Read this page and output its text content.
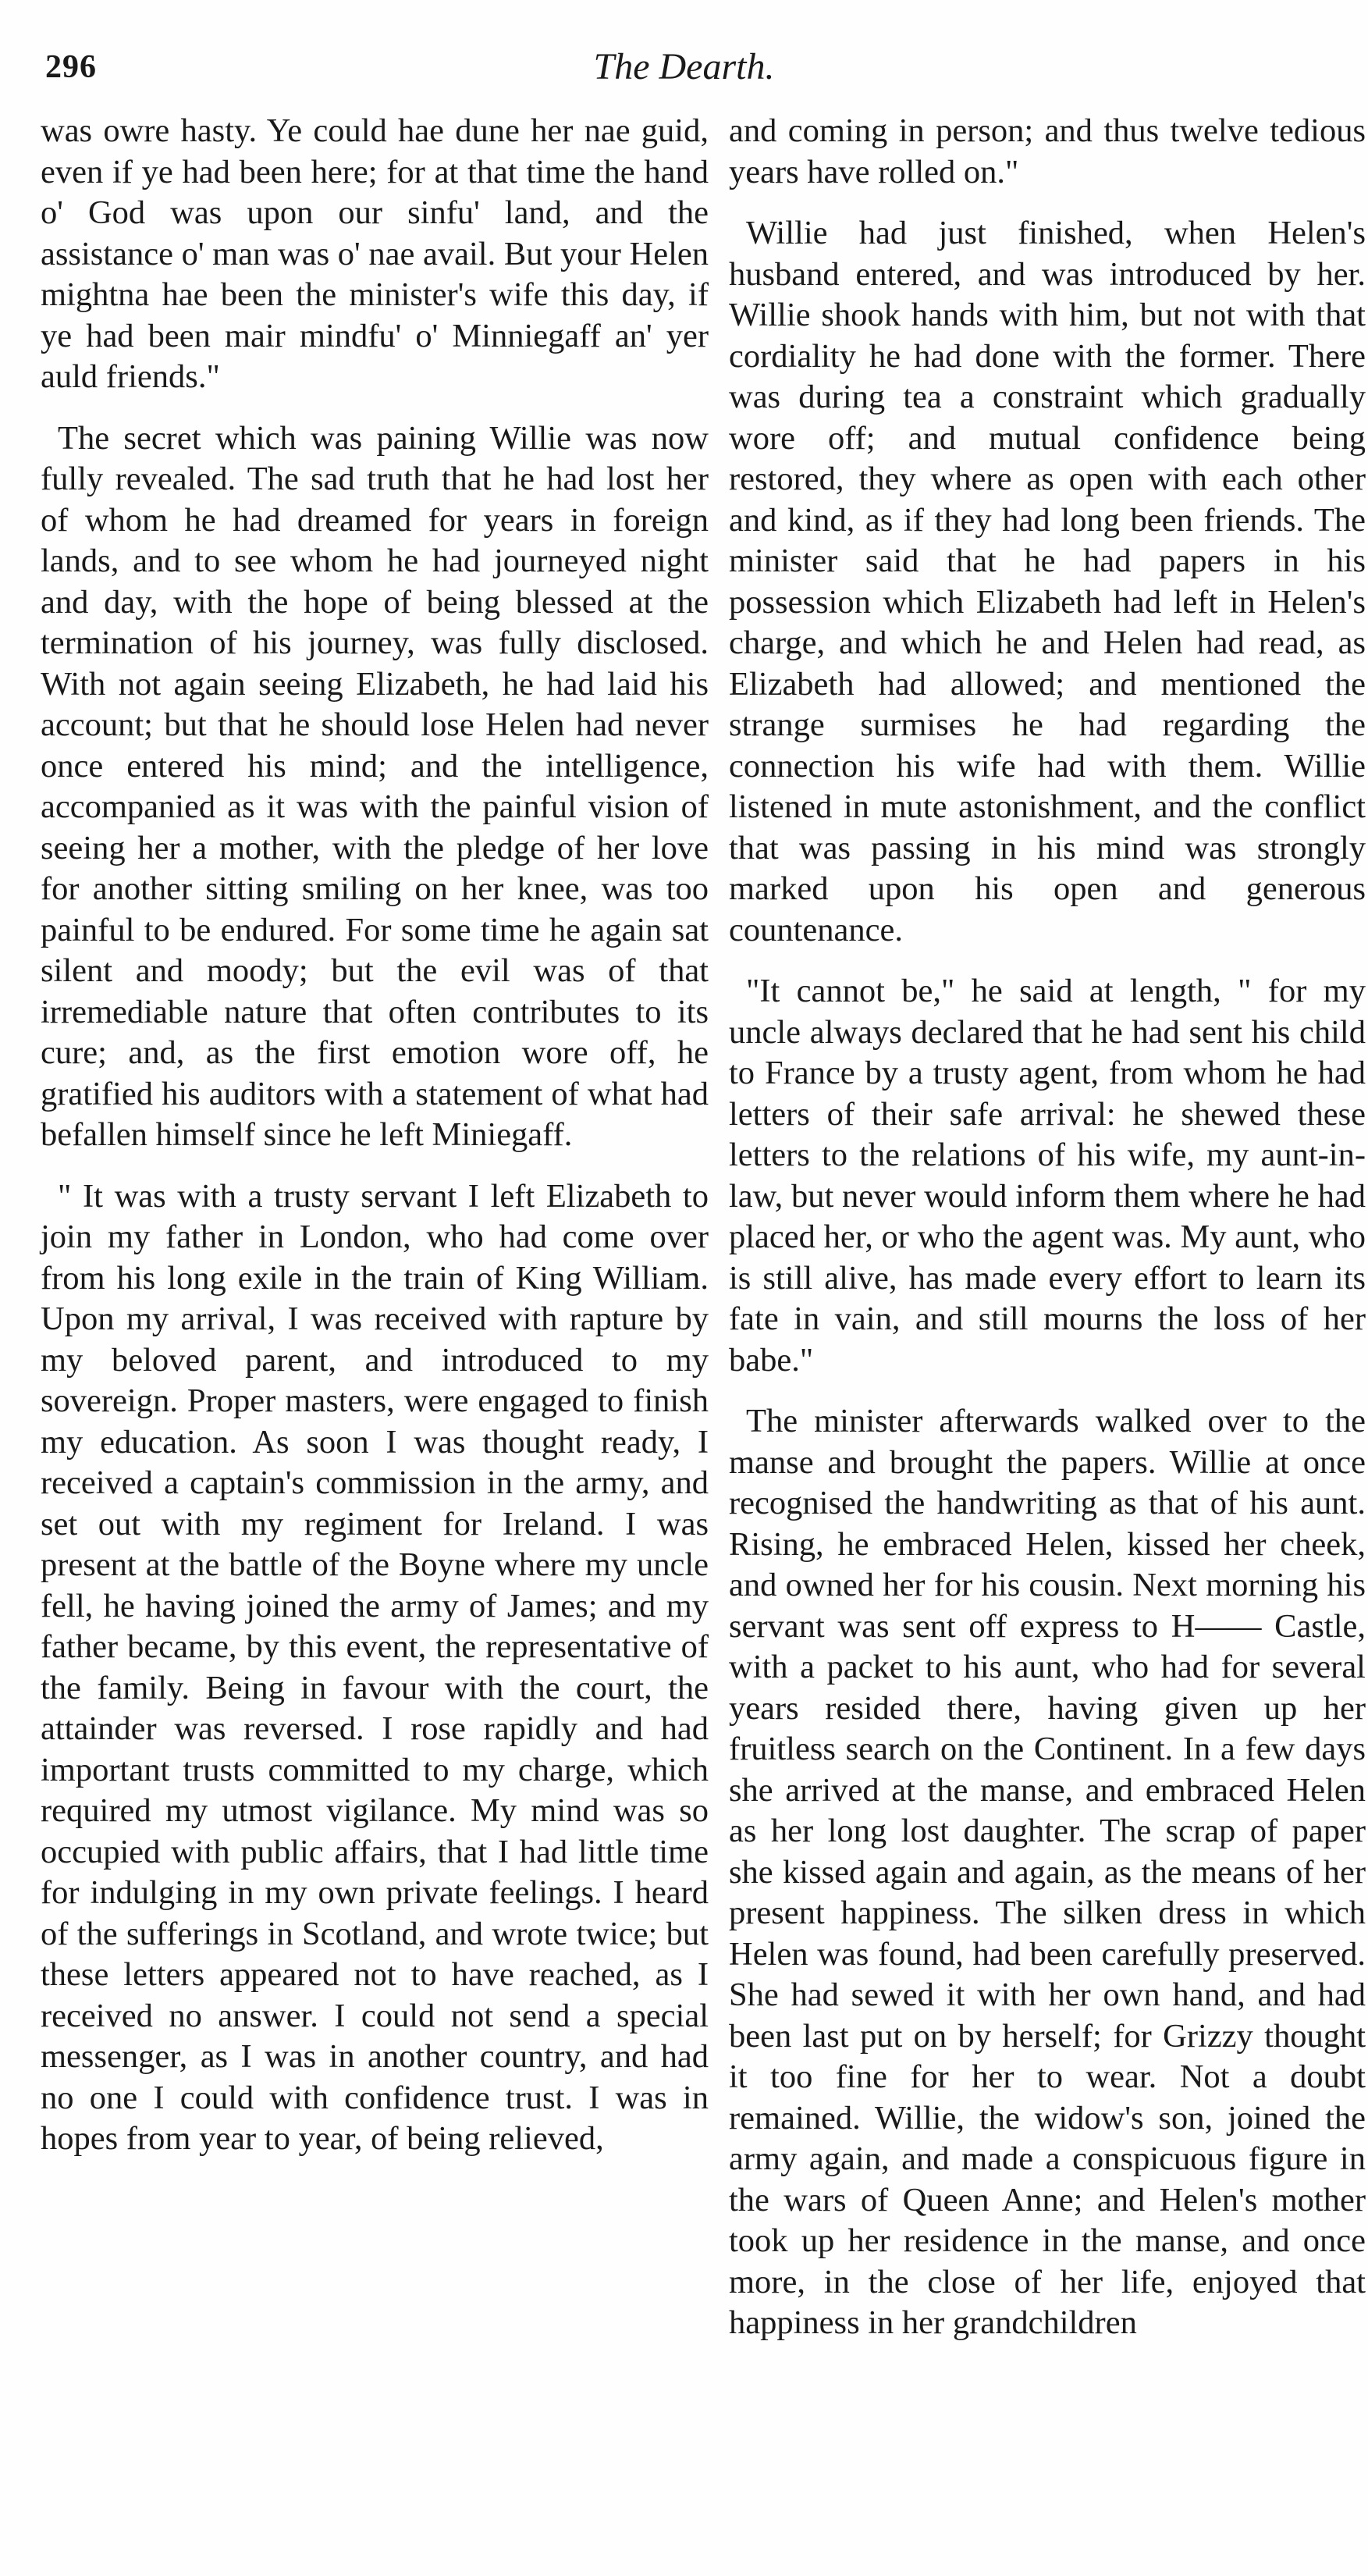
296	The Dearth.

was owre hasty. Ye could hae dune her nae guid, even if ye had been here; for at that time the hand o' God was upon our sinfu' land, and the assistance o' man was o' nae avail. But your Helen mightna hae been the minister's wife this day, if ye had been mair mindfu' o' Minniegaff an' yer auld friends."

The secret which was paining Willie was now fully revealed. The sad truth that he had lost her of whom he had dreamed for years in foreign lands, and to see whom he had journeyed night and day, with the hope of being blessed at the termination of his journey, was fully disclosed. With not again seeing Elizabeth, he had laid his account; but that he should lose Helen had never once entered his mind; and the intelligence, accompanied as it was with the painful vision of seeing her a mother, with the pledge of her love for another sitting smiling on her knee, was too painful to be endured. For some time he again sat silent and moody; but the evil was of that irremediable nature that often contributes to its cure; and, as the first emotion wore off, he gratified his auditors with a statement of what had befallen himself since he left Miniegaff.

" It was with a trusty servant I left Elizabeth to join my father in London, who had come over from his long exile in the train of King William. Upon my arrival, I was received with rapture by my beloved parent, and introduced to my sovereign. Proper masters, were engaged to finish my education. As soon I was thought ready, I received a captain's commission in the army, and set out with my regiment for Ireland. I was present at the battle of the Boyne where my uncle fell, he having joined the army of James; and my father became, by this event, the representative of the family. Being in favour with the court, the attainder was reversed. I rose rapidly and had important trusts committed to my charge, which required my utmost vigilance. My mind was so occupied with public affairs, that I had little time for indulging in my own private feelings. I heard of the sufferings in Scotland, and wrote twice; but these letters appeared not to have reached, as I received no answer. I could not send a special messenger, as I was in another country, and had no one I could with confidence trust. I was in hopes from year to year, of being relieved,

and coming in person; and thus twelve tedious years have rolled on."

Willie had just finished, when Helen's husband entered, and was introduced by her. Willie shook hands with him, but not with that cordiality he had done with the former. There was during tea a constraint which gradually wore off; and mutual confidence being restored, they where as open with each other and kind, as if they had long been friends. The minister said that he had papers in his possession which Elizabeth had left in Helen's charge, and which he and Helen had read, as Elizabeth had allowed; and mentioned the strange surmises he had regarding the connection his wife had with them. Willie listened in mute astonishment, and the conflict that was passing in his mind was strongly marked upon his open and generous countenance.

"It cannot be," he said at length, " for my uncle always declared that he had sent his child to France by a trusty agent, from whom he had letters of their safe arrival: he shewed these letters to the relations of his wife, my aunt-in-law, but never would inform them where he had placed her, or who the agent was. My aunt, who is still alive, has made every effort to learn its fate in vain, and still mourns the loss of her babe."

The minister afterwards walked over to the manse and brought the papers. Willie at once recognised the handwriting as that of his aunt. Rising, he embraced Helen, kissed her cheek, and owned her for his cousin. Next morning his servant was sent off express to H—— Castle, with a packet to his aunt, who had for several years resided there, having given up her fruitless search on the Continent. In a few days she arrived at the manse, and embraced Helen as her long lost daughter. The scrap of paper she kissed again and again, as the means of her present happiness. The silken dress in which Helen was found, had been carefully preserved. She had sewed it with her own hand, and had been last put on by herself; for Grizzy thought it too fine for her to wear. Not a doubt remained. Willie, the widow's son, joined the army again, and made a conspicuous figure in the wars of Queen Anne; and Helen's mother took up her residence in the manse, and once more, in the close of her life, enjoyed that happiness in her grandchildren
